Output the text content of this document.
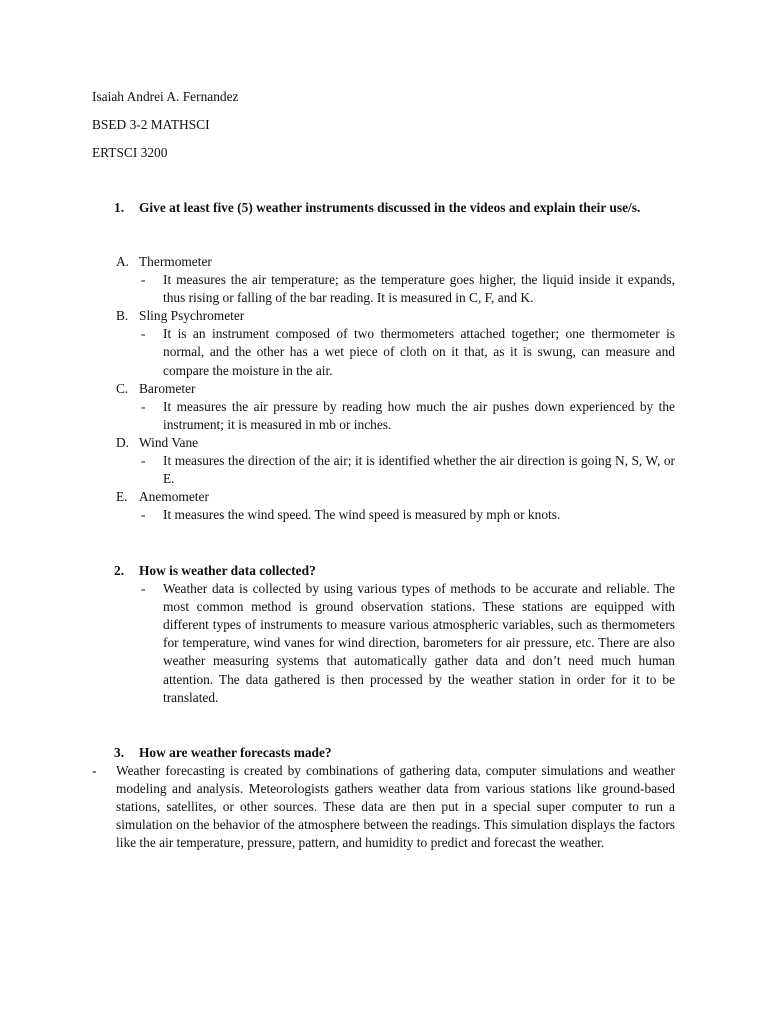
Isaiah Andrei A. Fernandez
BSED 3-2 MATHSCI
ERTSCI 3200
1. Give at least five (5) weather instruments discussed in the videos and explain their use/s.
A. Thermometer
- It measures the air temperature; as the temperature goes higher, the liquid inside it expands, thus rising or falling of the bar reading. It is measured in C, F, and K.
B. Sling Psychrometer
- It is an instrument composed of two thermometers attached together; one thermometer is normal, and the other has a wet piece of cloth on it that, as it is swung, can measure and compare the moisture in the air.
C. Barometer
- It measures the air pressure by reading how much the air pushes down experienced by the instrument; it is measured in mb or inches.
D. Wind Vane
- It measures the direction of the air; it is identified whether the air direction is going N, S, W, or E.
E. Anemometer
- It measures the wind speed. The wind speed is measured by mph or knots.
2. How is weather data collected?
- Weather data is collected by using various types of methods to be accurate and reliable. The most common method is ground observation stations. These stations are equipped with different types of instruments to measure various atmospheric variables, such as thermometers for temperature, wind vanes for wind direction, barometers for air pressure, etc. There are also weather measuring systems that automatically gather data and don’t need much human attention. The data gathered is then processed by the weather station in order for it to be translated.
3. How are weather forecasts made?
- Weather forecasting is created by combinations of gathering data, computer simulations and weather modeling and analysis. Meteorologists gathers weather data from various stations like ground-based stations, satellites, or other sources. These data are then put in a special super computer to run a simulation on the behavior of the atmosphere between the readings. This simulation displays the factors like the air temperature, pressure, pattern, and humidity to predict and forecast the weather.
